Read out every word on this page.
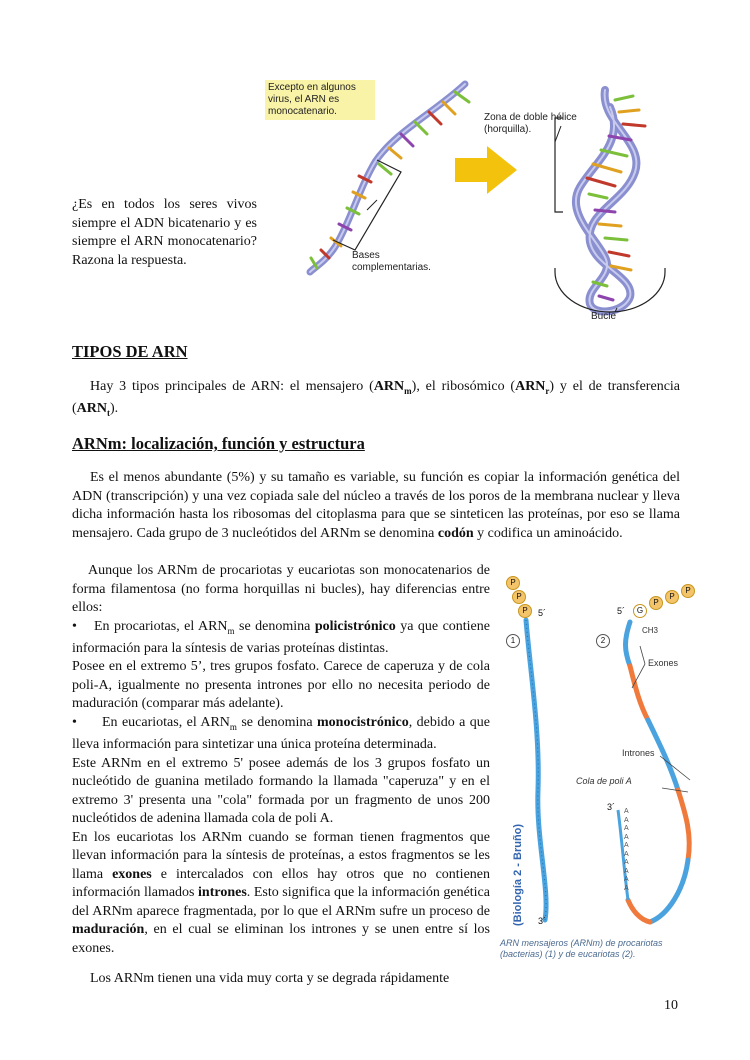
Excepto en algunos virus, el ARN es monocatenario.
Zona de doble hélice (horquilla).
Bases complementarias.
Bucle
¿Es en todos los seres vivos siempre el ADN bicatenario y es siempre el ARN monocatenario? Razona la respuesta.
TIPOS DE ARN
Hay 3 tipos principales de ARN: el mensajero $(ARN_m)$, el ribosómico $(ARN_r)$ y el de transferencia $(ARN_t)$.
ARNm: localización, función y estructura
Es el menos abundante (5%) y su tamaño es variable, su función es copiar la información genética del ADN (transcripción) y una vez copiada sale del núcleo a través de los poros de la membrana nuclear y lleva dicha información hasta los ribosomas del citoplasma para que se sinteticen las proteínas, por eso se llama mensajero. Cada grupo de 3 nucleótidos del ARNm se denomina codón y codifica un aminoácido.
Aunque los ARNm de procariotas y eucariotas son monocatenarios de forma filamentosa (no forma horquillas ni bucles), hay diferencias entre ellos:
• En procariotas, el $ARN_m$ se denomina policistrónico ya que contiene información para la síntesis de varias proteínas distintas.
Posee en el extremo 5’, tres grupos fosfato. Carece de caperuza y de cola poli-A, igualmente no presenta intrones por ello no necesita periodo de maduración (comparar más adelante).
• En eucariotas, el $ARN_m$ se denomina monocistrónico, debido a que lleva información para sintetizar una única proteína determinada.
Este ARNm en el extremo 5' posee además de los 3 grupos fosfato un nucleótido de guanina metilado formando la llamada "caperuza" y en el extremo 3' presenta una "cola" formada por un fragmento de unos 200 nucleótidos de adenina llamada cola de poli A.
En los eucariotas los ARNm cuando se forman tienen fragmentos que llevan información para la síntesis de proteínas, a estos fragmentos se les llama exones e intercalados con ellos hay otros que no contienen información llamados intrones. Esto significa que la información genética del ARNm aparece fragmentada, por lo que el ARNm sufre un proceso de maduración, en el cual se eliminan los intrones y se unen entre sí los exones.
Los ARNm tienen una vida muy corta y se degrada rápidamente
P
P
P	G
P
P
P
5´	5´
CH3
1	2
Exones
Intrones
Cola de poli A
3´
3´ A
A
A
A
A
A
A
A
A
A
(Biología 2 - Bruño)
ARN mensajeros (ARNm) de procariotas (bacterias) (1) y de eucariotas (2).
10
